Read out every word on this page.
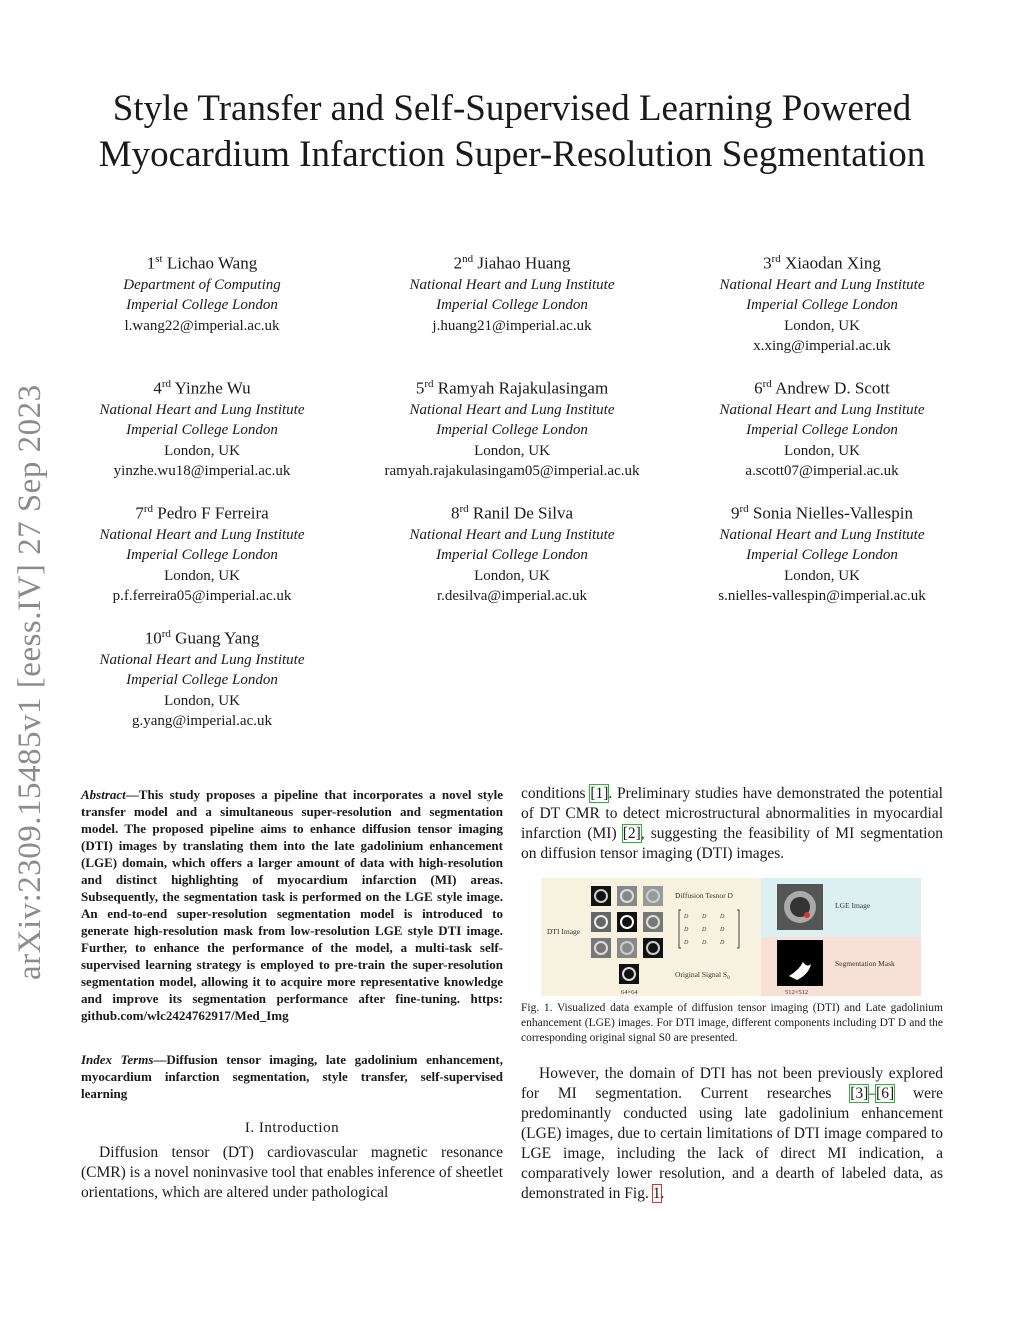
Style Transfer and Self-Supervised Learning Powered Myocardium Infarction Super-Resolution Segmentation
arXiv:2309.15485v1 [eess.IV] 27 Sep 2023
1st Lichao Wang
Department of Computing
Imperial College London
l.wang22@imperial.ac.uk
2nd Jiahao Huang
National Heart and Lung Institute
Imperial College London
j.huang21@imperial.ac.uk
3rd Xiaodan Xing
National Heart and Lung Institute
Imperial College London
London, UK
x.xing@imperial.ac.uk
4rd Yinzhe Wu
National Heart and Lung Institute
Imperial College London
London, UK
yinzhe.wu18@imperial.ac.uk
5rd Ramyah Rajakulasingam
National Heart and Lung Institute
Imperial College London
London, UK
ramyah.rajakulasingam05@imperial.ac.uk
6rd Andrew D. Scott
National Heart and Lung Institute
Imperial College London
London, UK
a.scott07@imperial.ac.uk
7rd Pedro F Ferreira
National Heart and Lung Institute
Imperial College London
London, UK
p.f.ferreira05@imperial.ac.uk
8rd Ranil De Silva
National Heart and Lung Institute
Imperial College London
London, UK
r.desilva@imperial.ac.uk
9rd Sonia Nielles-Vallespin
National Heart and Lung Institute
Imperial College London
London, UK
s.nielles-vallespin@imperial.ac.uk
10rd Guang Yang
National Heart and Lung Institute
Imperial College London
London, UK
g.yang@imperial.ac.uk
Abstract—This study proposes a pipeline that incorporates a novel style transfer model and a simultaneous super-resolution and segmentation model. The proposed pipeline aims to enhance diffusion tensor imaging (DTI) images by translating them into the late gadolinium enhancement (LGE) domain, which offers a larger amount of data with high-resolution and distinct highlighting of myocardium infarction (MI) areas. Subsequently, the segmentation task is performed on the LGE style image. An end-to-end super-resolution segmentation model is introduced to generate high-resolution mask from low-resolution LGE style DTI image. Further, to enhance the performance of the model, a multi-task self-supervised learning strategy is employed to pre-train the super-resolution segmentation model, allowing it to acquire more representative knowledge and improve its segmentation performance after fine-tuning. https: github.com/wlc2424762917/Med_Img
Index Terms—Diffusion tensor imaging, late gadolinium enhancement, myocardium infarction segmentation, style transfer, self-supervised learning
I. Introduction
Diffusion tensor (DT) cardiovascular magnetic resonance (CMR) is a novel noninvasive tool that enables inference of sheetlet orientations, which are altered under pathological
conditions [1]. Preliminary studies have demonstrated the potential of DT CMR to detect microstructural abnormalities in myocardial infarction (MI) [2], suggesting the feasibility of MI segmentation on diffusion tensor imaging (DTI) images.
DTI Image
64×64
Diffusion Tesnor D
D D D
D D D
D D D
Original Signal $S_0$
LGE Image
Segmentation Mask
512×512
Fig. 1. Visualized data example of diffusion tensor imaging (DTI) and Late gadolinium enhancement (LGE) images. For DTI image, different components including DT D and the corresponding original signal S0 are presented.
However, the domain of DTI has not been previously explored for MI segmentation. Current researches [3]–[6] were predominantly conducted using late gadolinium enhancement (LGE) images, due to certain limitations of DTI image compared to LGE image, including the lack of direct MI indication, a comparatively lower resolution, and a dearth of labeled data, as demonstrated in Fig. 1.
